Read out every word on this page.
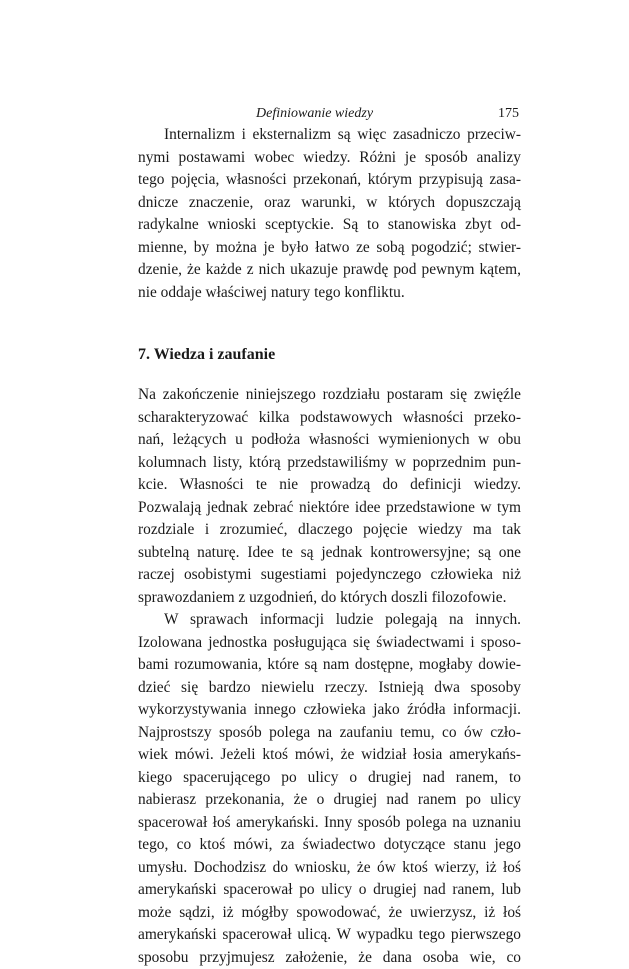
Definiowanie wiedzy	175

Internalizm i eksternalizm są więc zasadniczo przeciw-
nymi postawami wobec wiedzy. Różni je sposób analizy
tego pojęcia, własności przekonań, którym przypisują zasa-
dnicze znaczenie, oraz warunki, w których dopuszczają
radykalne wnioski sceptyckie. Są to stanowiska zbyt od-
mienne, by można je było łatwo ze sobą pogodzić; stwier-
dzenie, że każde z nich ukazuje prawdę pod pewnym kątem,
nie oddaje właściwej natury tego konfliktu.

7. Wiedza i zaufanie

Na zakończenie niniejszego rozdziału postaram się zwięźle
scharakteryzować kilka podstawowych własności przeko-
nań, leżących u podłoża własności wymienionych w obu
kolumnach listy, którą przedstawiliśmy w poprzednim pun-
kcie. Własności te nie prowadzą do definicji wiedzy.
Pozwalają jednak zebrać niektóre idee przedstawione w tym
rozdziale i zrozumieć, dlaczego pojęcie wiedzy ma tak
subtelną naturę. Idee te są jednak kontrowersyjne; są one
raczej osobistymi sugestiami pojedynczego człowieka niż
sprawozdaniem z uzgodnień, do których doszli filozofowie.

W sprawach informacji ludzie polegają na innych.
Izolowana jednostka posługująca się świadectwami i sposo-
bami rozumowania, które są nam dostępne, mogłaby dowie-
dzieć się bardzo niewielu rzeczy. Istnieją dwa sposoby
wykorzystywania innego człowieka jako źródła informacji.
Najprostszy sposób polega na zaufaniu temu, co ów czło-
wiek mówi. Jeżeli ktoś mówi, że widział łosia amerykańs-
kiego spacerującego po ulicy o drugiej nad ranem, to
nabierasz przekonania, że o drugiej nad ranem po ulicy
spacerował łoś amerykański. Inny sposób polega na uznaniu
tego, co ktoś mówi, za świadectwo dotyczące stanu jego
umysłu. Dochodzisz do wniosku, że ów ktoś wierzy, iż łoś
amerykański spacerował po ulicy o drugiej nad ranem, lub
może sądzi, iż mógłby spowodować, że uwierzysz, iż łoś
amerykański spacerował ulicą. W wypadku tego pierwszego
sposobu przyjmujesz założenie, że dana osoba wie, co
